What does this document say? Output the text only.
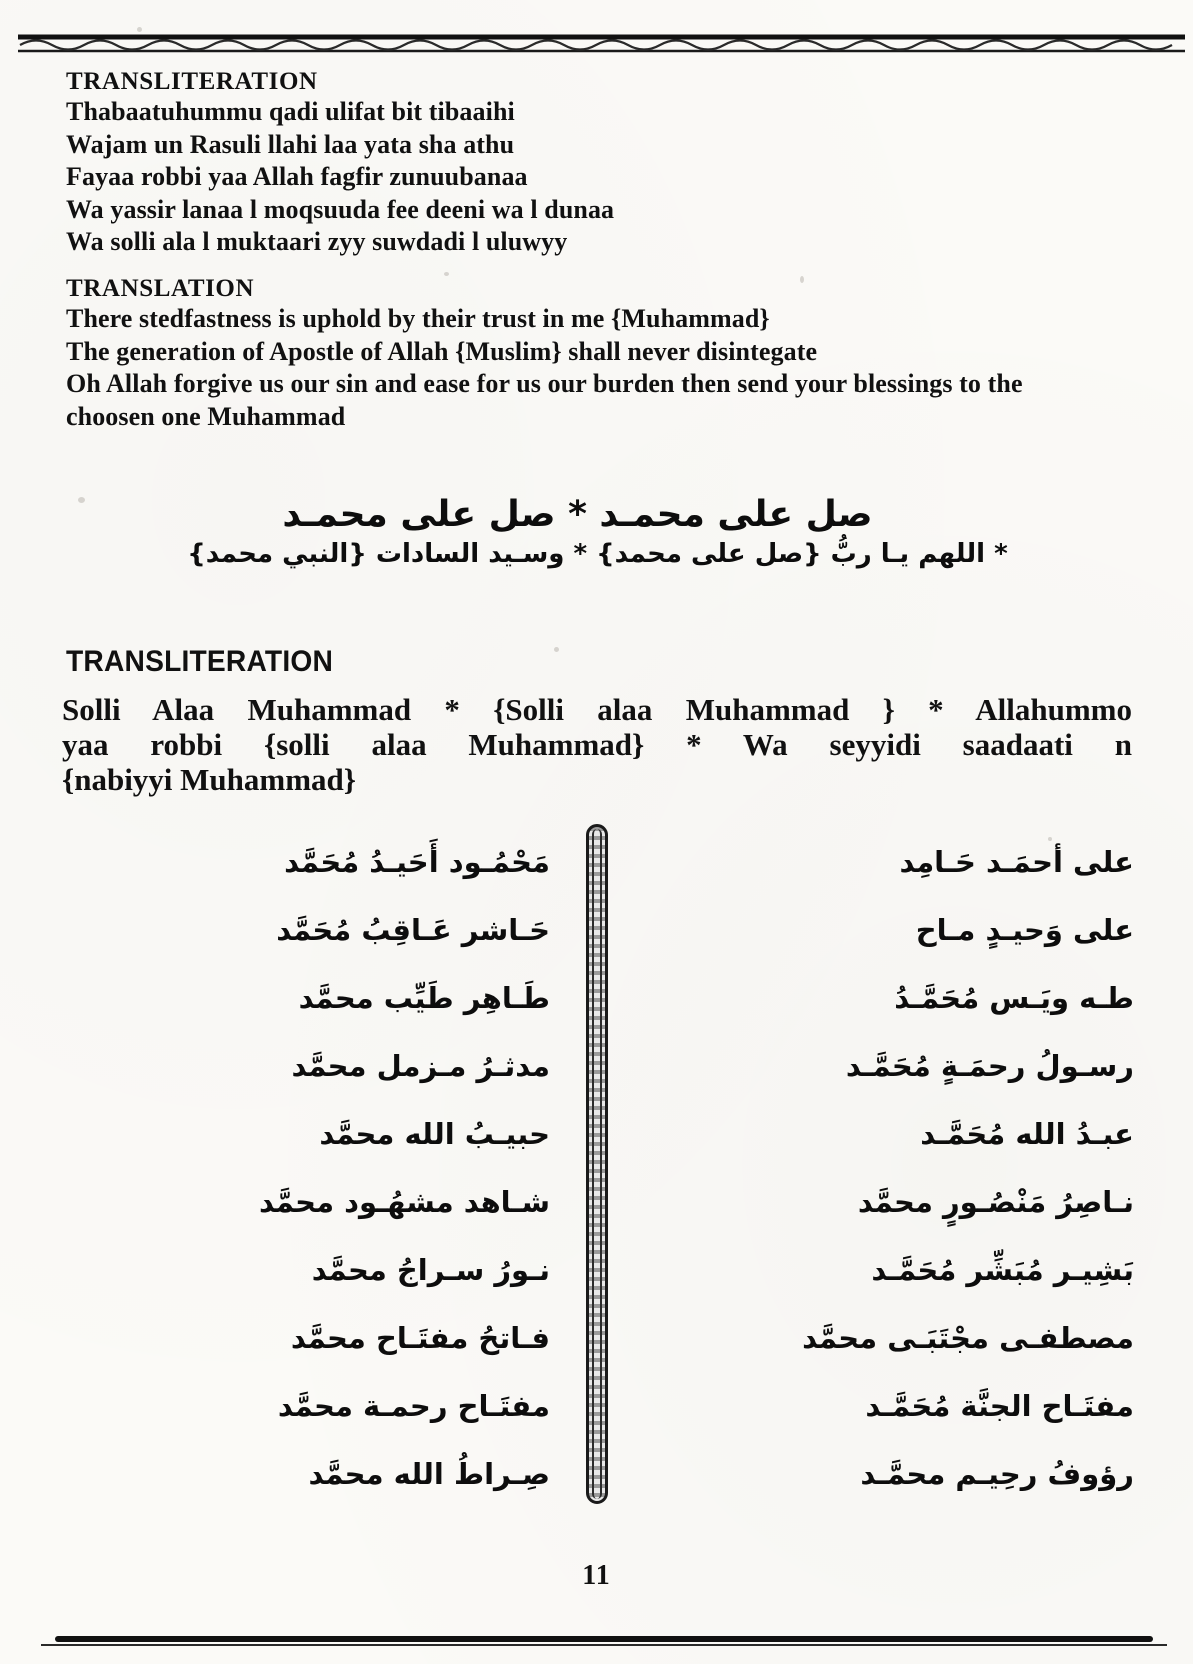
TRANSLITERATION
Thabaatuhummu qadi ulifat bit tibaaihi
Wajam un Rasuli llahi laa yata sha athu
Fayaa robbi yaa Allah fagfir zunuubanaa
Wa yassir lanaa l moqsuuda fee deeni wa l dunaa
Wa solli ala l muktaari zyy suwdadi l uluwyy
TRANSLATION
There stedfastness is uphold by their trust in me {Muhammad}
The generation of Apostle of Allah {Muslim} shall never disintegate
Oh Allah forgive us our sin and ease for us our burden then send your blessings to the
choosen one Muhammad
صل على محمـد * صل على محمـد
* اللهم يـا ربُّ {صل على محمد} * وسـيد السادات {النبي محمد}
TRANSLITERATION
Solli Alaa Muhammad * {Solli alaa Muhammad } * Allahummo
yaa robbi {solli alaa Muhammad} * Wa seyyidi saadaati n
{nabiyyi Muhammad}
على أحمَـد حَـامِد
على وَحيـدٍ مـاح
طـه ويَـس مُحَمَّـدُ
رسـولُ رحمَـةٍ مُحَمَّـد
عبـدُ الله مُحَمَّـد
نـاصِرُ مَنْصُـورٍ محمَّد
بَشِيـر مُبَشِّر مُحَمَّـد
مصطفـى مجْتَبَـى محمَّد
مفتَـاح الجنَّة مُحَمَّـد
رؤوفُ رحِيـم محمَّـد
مَحْمُـود أَحَيـدُ مُحَمَّد
حَـاشر عَـاقِبُ مُحَمَّد
طَـاهِر طَيِّب محمَّد
مدثـرُ مـزمل محمَّد
حبيـبُ الله محمَّد
شـاهد مشهُـود محمَّد
نـورُ سـراجُ محمَّد
فـاتحُ مفتَـاح محمَّد
مفتَـاح رحمـة محمَّد
صِـراطُ الله محمَّد
11
